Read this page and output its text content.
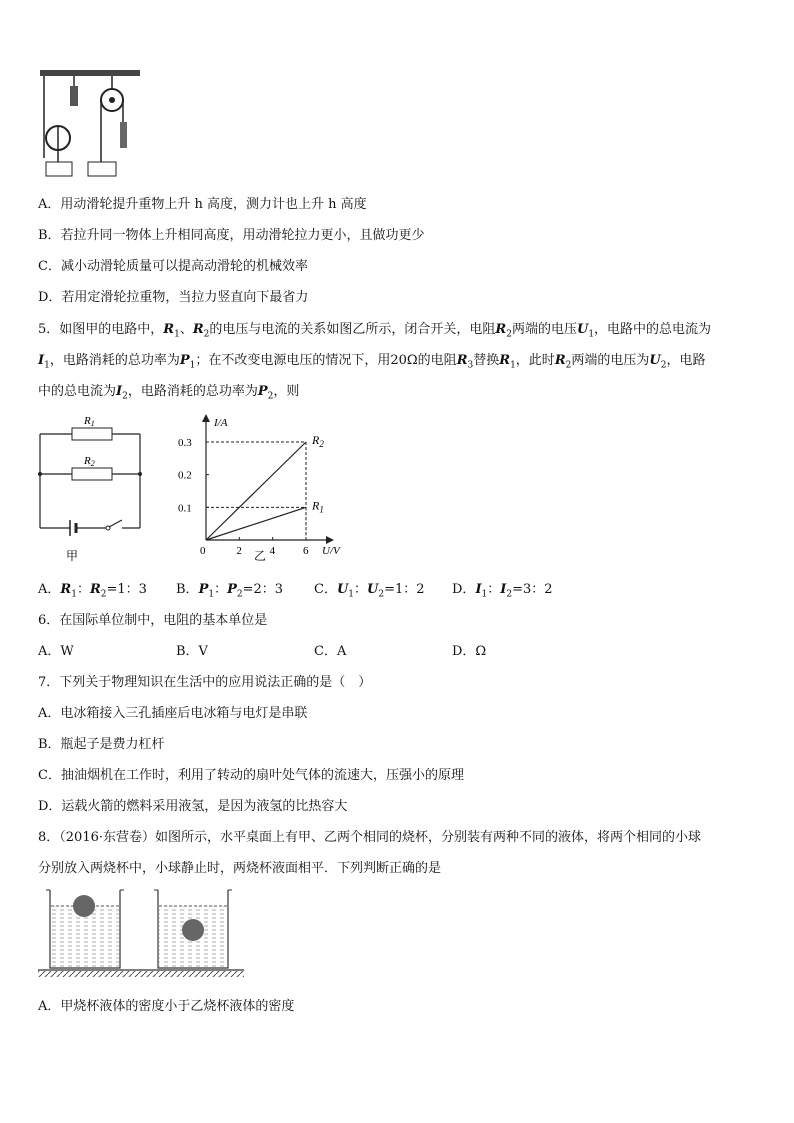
A．用动滑轮提升重物上升 h 高度，测力计也上升 h 高度
B．若拉升同一物体上升相同高度，用动滑轮拉力更小，且做功更少
C．减小动滑轮质量可以提高动滑轮的机械效率
D．若用定滑轮拉重物，当拉力竖直向下最省力
5．如图甲的电路中，$R_1$、$R_2$的电压与电流的关系如图乙所示，闭合开关，电阻$R_2$两端的电压$U_1$，电路中的总电流为
$I_1$，电路消耗的总功率为$P_1$；在不改变电源电压的情况下，用20Ω的电阻$R_3$替换$R_1$，此时$R_2$两端的电压为$U_2$，电路
中的总电流为$I_2$，电路消耗的总功率为$P_2$，则
R1
R2
甲
I/A
U/V
0	2	4	6
0.1
0.2
0.3	$R_2$
$R_1$
乙
A．$R_1$：$R_2=1$：3 B．$P_1$：$P_2=2$：3 C．$U_1$：$U_2=1$：2 D．$I_1$：$I_2=3$：2
6．在国际单位制中，电阻的基本单位是
A．W	B．V	C．A	D．Ω
7．下列关于物理知识在生活中的应用说法正确的是（　）
A．电冰箱接入三孔插座后电冰箱与电灯是串联
B．瓶起子是费力杠杆
C．抽油烟机在工作时，利用了转动的扇叶处气体的流速大，压强小的原理
D．运载火箭的燃料采用液氢，是因为液氢的比热容大
8．（2016·东营卷）如图所示，水平桌面上有甲、乙两个相同的烧杯，分别装有两种不同的液体，将两个相同的小球
分别放入两烧杯中，小球静止时，两烧杯液面相平．下列判断正确的是
A．甲烧杯液体的密度小于乙烧杯液体的密度
